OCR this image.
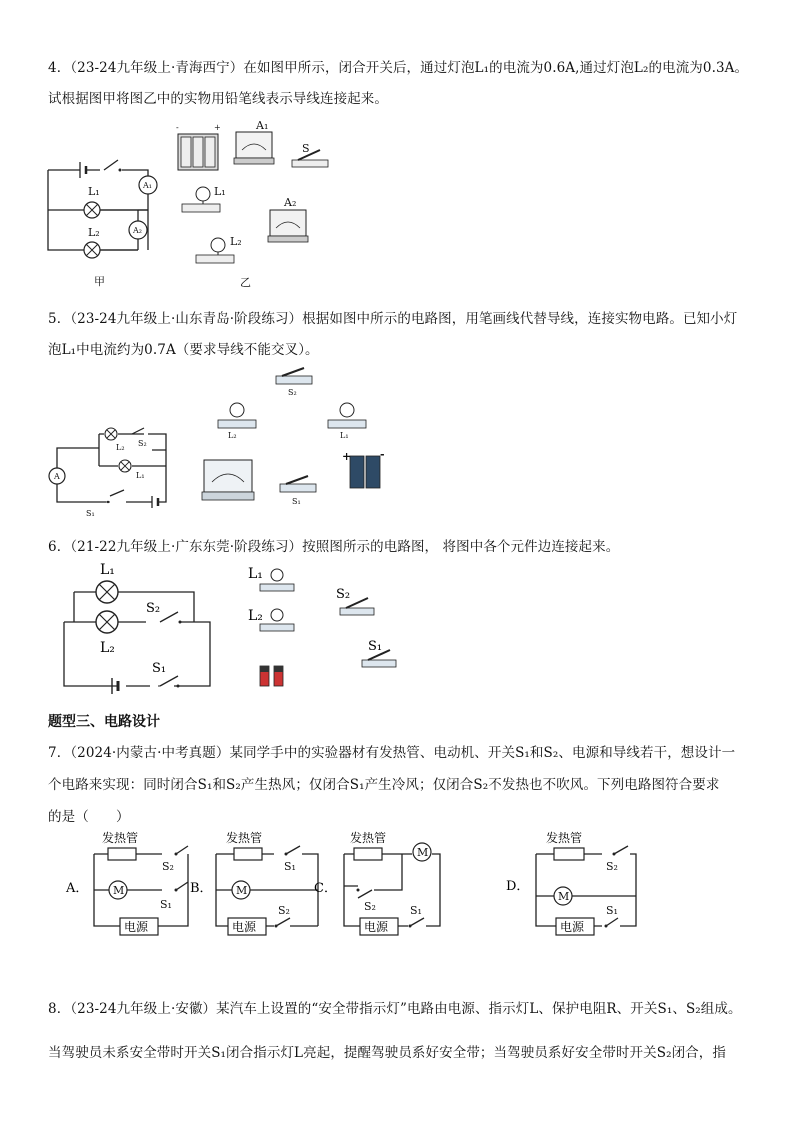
4．（23-24九年级上·青海西宁）在如图甲所示，闭合开关后，通过灯泡L₁的电流为0.6A,通过灯泡L₂的电流为0.3A。
试根据图甲将图乙中的实物用铅笔线表示导线连接起来。
A₁
L₁
L₂	A₂
甲
-	+	A₁
S
L₁
A₂
L₂
乙
5．（23-24九年级上·山东青岛·阶段练习）根据如图中所示的电路图，用笔画线代替导线，连接实物电路。已知小灯
泡L₁中电流约为0.7A（要求导线不能交叉）。
A
L₂ S₂
L₁
S₁
S₂
L₂	L₁
S₁
+	-
6．（21-22九年级上·广东东莞·阶段练习）按照图所示的电路图， 将图中各个元件边连接起来。
L₁
L₂
S₂
S₁
L₁
L₂
S₂
S₁
题型三、电路设计
7．（2024·内蒙古·中考真题）某同学手中的实验器材有发热管、电动机、开关S₁和S₂、电源和导线若干，想设计一
个电路来实现：同时闭合S₁和S₂产生热风；仅闭合S₁产生冷风；仅闭合S₂不发热也不吹风。下列电路图符合要求
的是（　　）
A．
发热管
S₂
M
S₁
电源
B．
发热管
S₁
M
S₂
电源
C．
发热管
M
S₂	S₁
电源
D．
发热管
S₂
M
S₁
电源
8．（23-24九年级上·安徽）某汽车上设置的“安全带指示灯”电路由电源、指示灯L、保护电阻R、开关S₁、S₂组成。
当驾驶员未系安全带时开关S₁闭合指示灯L亮起，提醒驾驶员系好安全带；当驾驶员系好安全带时开关S₂闭合，指
